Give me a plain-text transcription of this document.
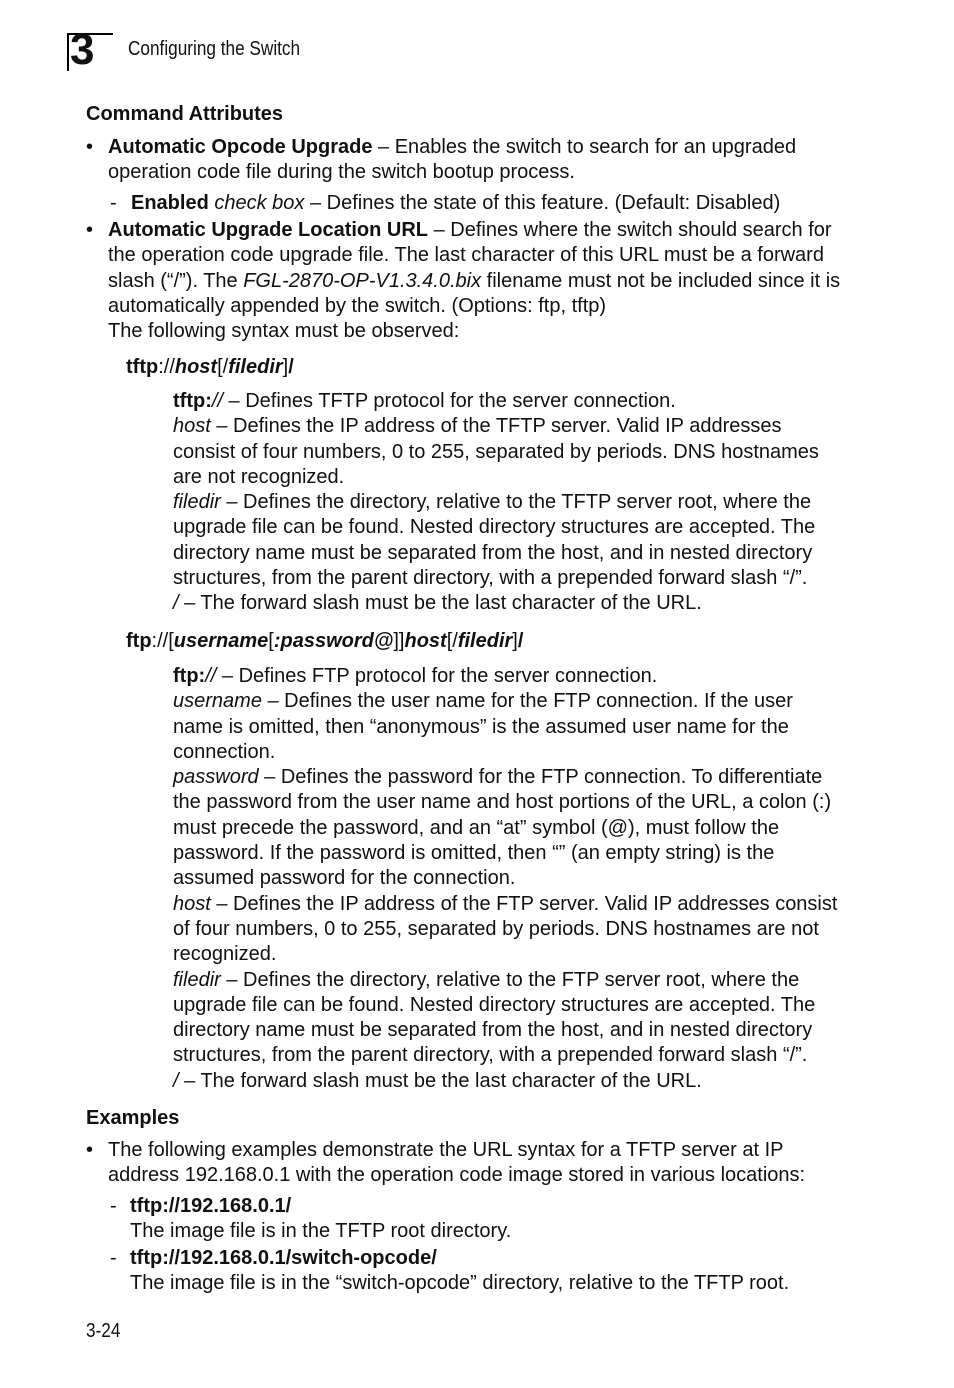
3 Configuring the Switch
Command Attributes
• Automatic Opcode Upgrade – Enables the switch to search for an upgraded operation code file during the switch bootup process.

- Enabled check box – Defines the state of this feature. (Default: Disabled)

• Automatic Upgrade Location URL – Defines where the switch should search for the operation code upgrade file. The last character of this URL must be a forward slash (“/”). The FGL-2870-OP-V1.3.4.0.bix filename must not be included since it is automatically appended by the switch. (Options: ftp, tftp)

The following syntax must be observed:

tftp://host[/filedir]/

tftp:// – Defines TFTP protocol for the server connection.

host – Defines the IP address of the TFTP server. Valid IP addresses consist of four numbers, 0 to 255, separated by periods. DNS hostnames are not recognized.

filedir – Defines the directory, relative to the TFTP server root, where the upgrade file can be found. Nested directory structures are accepted. The directory name must be separated from the host, and in nested directory structures, from the parent directory, with a prepended forward slash “/”.

/ – The forward slash must be the last character of the URL.

ftp://[username[:password@]]host[/filedir]/

ftp:// – Defines FTP protocol for the server connection.

username – Defines the user name for the FTP connection. If the user name is omitted, then “anonymous” is the assumed user name for the connection.

password – Defines the password for the FTP connection. To differentiate the password from the user name and host portions of the URL, a colon (:) must precede the password, and an “at” symbol (@), must follow the password. If the password is omitted, then “” (an empty string) is the assumed password for the connection.

host – Defines the IP address of the FTP server. Valid IP addresses consist of four numbers, 0 to 255, separated by periods. DNS hostnames are not recognized.

filedir – Defines the directory, relative to the FTP server root, where the upgrade file can be found. Nested directory structures are accepted. The directory name must be separated from the host, and in nested directory structures, from the parent directory, with a prepended forward slash “/”.

/ – The forward slash must be the last character of the URL.

Examples
• The following examples demonstrate the URL syntax for a TFTP server at IP address 192.168.0.1 with the operation code image stored in various locations:

- tftp://192.168.0.1/

The image file is in the TFTP root directory.

- tftp://192.168.0.1/switch-opcode/

The image file is in the “switch-opcode” directory, relative to the TFTP root.

3-24
